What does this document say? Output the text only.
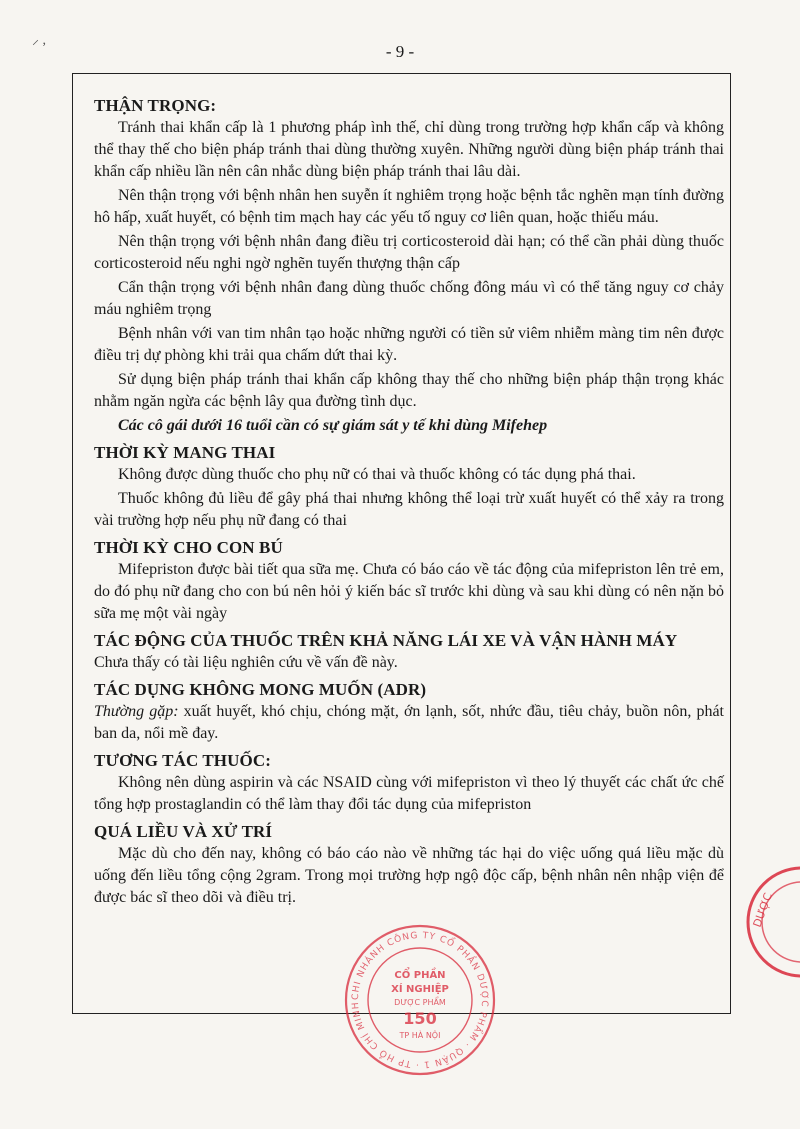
⸝ ,
- 9 -
THẬN TRỌNG:

Tránh thai khẩn cấp là 1 phương pháp ình thế, chỉ dùng trong trường hợp khẩn cấp và không thể thay thế cho biện pháp tránh thai dùng thường xuyên. Những người dùng biện pháp tránh thai khẩn cấp nhiều lần nên cân nhắc dùng biện pháp tránh thai lâu dài.

Nên thận trọng với bệnh nhân hen suyễn ít nghiêm trọng hoặc bệnh tắc nghẽn mạn tính đường hô hấp, xuất huyết, có bệnh tim mạch hay các yếu tố nguy cơ liên quan, hoặc thiếu máu.

Nên thận trọng với bệnh nhân đang điều trị corticosteroid dài hạn; có thể cần phải dùng thuốc corticosteroid nếu nghi ngờ nghẽn tuyến thượng thận cấp

Cẩn thận trọng với bệnh nhân đang dùng thuốc chống đông máu vì có thể tăng nguy cơ chảy máu nghiêm trọng

Bệnh nhân với van tim nhân tạo hoặc những người có tiền sử viêm nhiễm màng tim nên được điều trị dự phòng khi trải qua chấm dứt thai kỳ.

Sử dụng biện pháp tránh thai khẩn cấp không thay thế cho những biện pháp thận trọng khác nhằm ngăn ngừa các bệnh lây qua đường tình dục.

Các cô gái dưới 16 tuổi cần có sự giám sát y tế khi dùng Mifehep

THỜI KỲ MANG THAI

Không được dùng thuốc cho phụ nữ có thai và thuốc không có tác dụng phá thai.

Thuốc không đủ liều để gây phá thai nhưng không thể loại trừ xuất huyết có thể xảy ra trong vài trường hợp nếu phụ nữ đang có thai

THỜI KỲ CHO CON BÚ

Mifepriston được bài tiết qua sữa mẹ. Chưa có báo cáo về tác động của mifepriston lên trẻ em, do đó phụ nữ đang cho con bú nên hỏi ý kiến bác sĩ trước khi dùng và sau khi dùng có nên nặn bỏ sữa mẹ một vài ngày

TÁC ĐỘNG CỦA THUỐC TRÊN KHẢ NĂNG LÁI XE VÀ VẬN HÀNH MÁY

Chưa thấy có tài liệu nghiên cứu về vấn đề này.

TÁC DỤNG KHÔNG MONG MUỐN (ADR)

Thường gặp: xuất huyết, khó chịu, chóng mặt, ớn lạnh, sốt, nhức đầu, tiêu chảy, buồn nôn, phát ban da, nổi mề đay.

TƯƠNG TÁC THUỐC:

Không nên dùng aspirin và các NSAID cùng với mifepriston vì theo lý thuyết các chất ức chế tổng hợp prostaglandin có thể làm thay đổi tác dụng của mifepriston

QUÁ LIỀU VÀ XỬ TRÍ

Mặc dù cho đến nay, không có báo cáo nào về những tác hại do việc uống quá liều mặc dù uống đến liều tổng cộng 2gram. Trong mọi trường hợp ngộ độc cấp, bệnh nhân nên nhập viện để được bác sĩ theo dõi và điều trị.

CHI NHÁNH CÔNG TY CỔ PHẦN DƯỢC PHẨM · QUẬN 1 · TP HỒ CHÍ MINH
CỔ PHẦN
XÍ NGHIỆP
DƯỢC PHẨM
150
TP HÀ NỘI
DƯỢC
